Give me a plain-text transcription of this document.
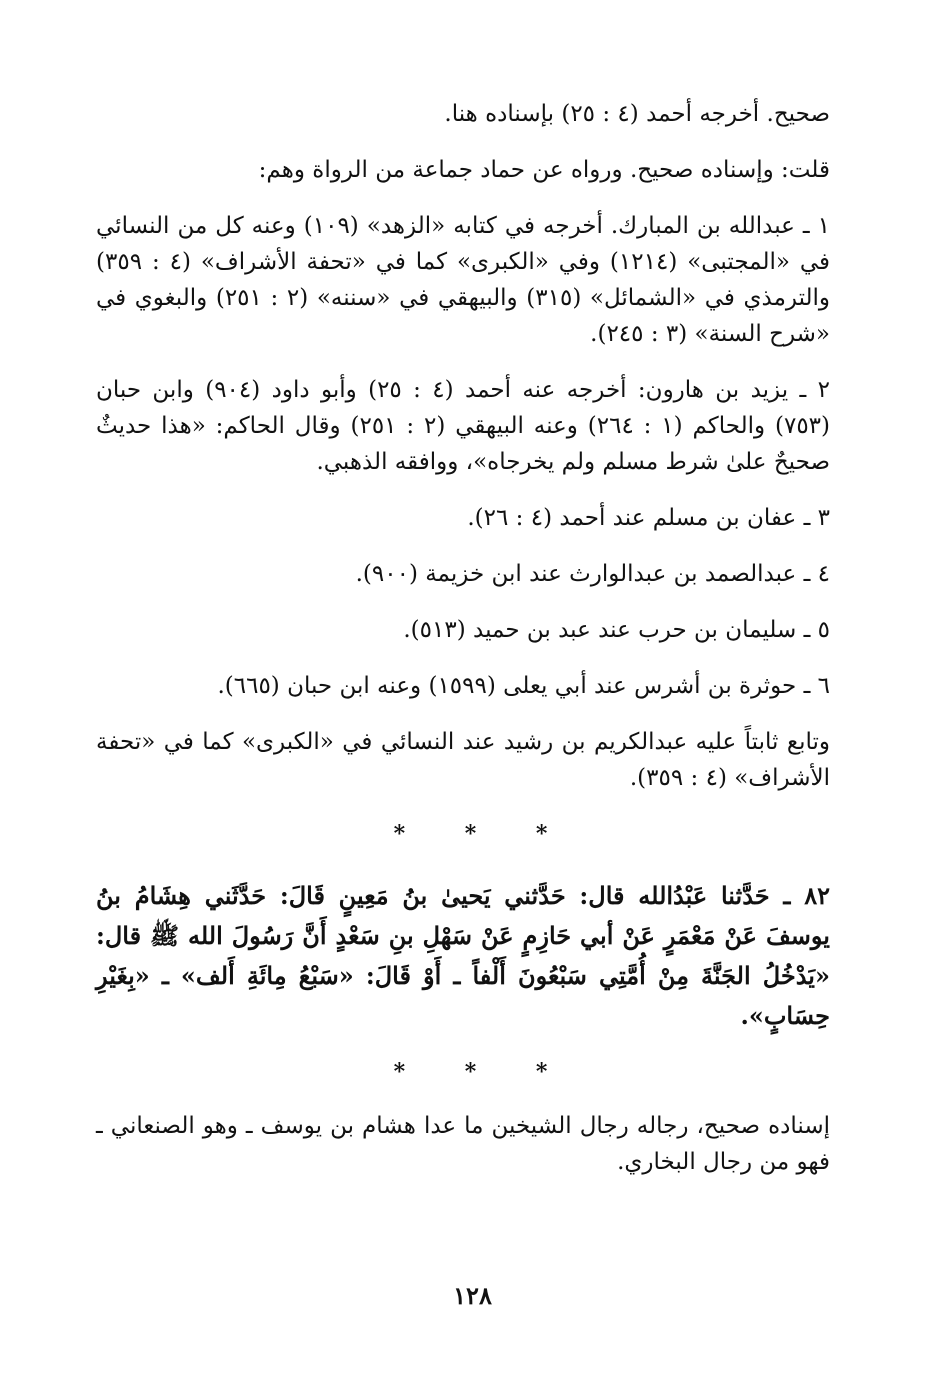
صحيح. أخرجه أحمد (٤ : ٢٥) بإسناده هنا.

قلت: وإسناده صحيح. ورواه عن حماد جماعة من الرواة وهم:

١ ـ عبدالله بن المبارك. أخرجه في كتابه «الزهد» (١٠٩) وعنه كل من النسائي في «المجتبى» (١٢١٤) وفي «الكبرى» كما في «تحفة الأشراف» (٤ : ٣٥٩) والترمذي في «الشمائل» (٣١٥) والبيهقي في «سننه» (٢ : ٢٥١) والبغوي في «شرح السنة» (٣ : ٢٤٥).

٢ ـ يزيد بن هارون: أخرجه عنه أحمد (٤ : ٢٥) وأبو داود (٩٠٤) وابن حبان (٧٥٣) والحاكم (١ : ٢٦٤) وعنه البيهقي (٢ : ٢٥١) وقال الحاكم: «هذا حديثٌ صحيحٌ علىٰ شرط مسلم ولم يخرجاه»، ووافقه الذهبي.

٣ ـ عفان بن مسلم عند أحمد (٤ : ٢٦).

٤ ـ عبدالصمد بن عبدالوارث عند ابن خزيمة (٩٠٠).

٥ ـ سليمان بن حرب عند عبد بن حميد (٥١٣).

٦ ـ حوثرة بن أشرس عند أبي يعلى (١٥٩٩) وعنه ابن حبان (٦٦٥).

وتابع ثابتاً عليه عبدالكريم بن رشيد عند النسائي في «الكبرى» كما في «تحفة الأشراف» (٤ : ٣٥٩).

* * *

٨٢ ـ حَدَّثنا عَبْدُالله قال: حَدَّثني يَحيىٰ بنُ مَعِينٍ قَالَ: حَدَّثَني هِشَامُ بنُ يوسفَ عَنْ مَعْمَرٍ عَنْ أبي حَازِمٍ عَنْ سَهْلِ بنِ سَعْدٍ أَنَّ رَسُولَ الله ﷺ قال: «يَدْخُلُ الجَنَّةَ مِنْ أُمَّتِي سَبْعُونَ أَلْفاً ـ أَوْ قَالَ: «سَبْعُ مِائَةِ أَلف» ـ «بِغَيْرِ حِسَابٍ».

* * *

إسناده صحيح، رجاله رجال الشيخين ما عدا هشام بن يوسف ـ وهو الصنعاني ـ فهو من رجال البخاري.

١٢٨
